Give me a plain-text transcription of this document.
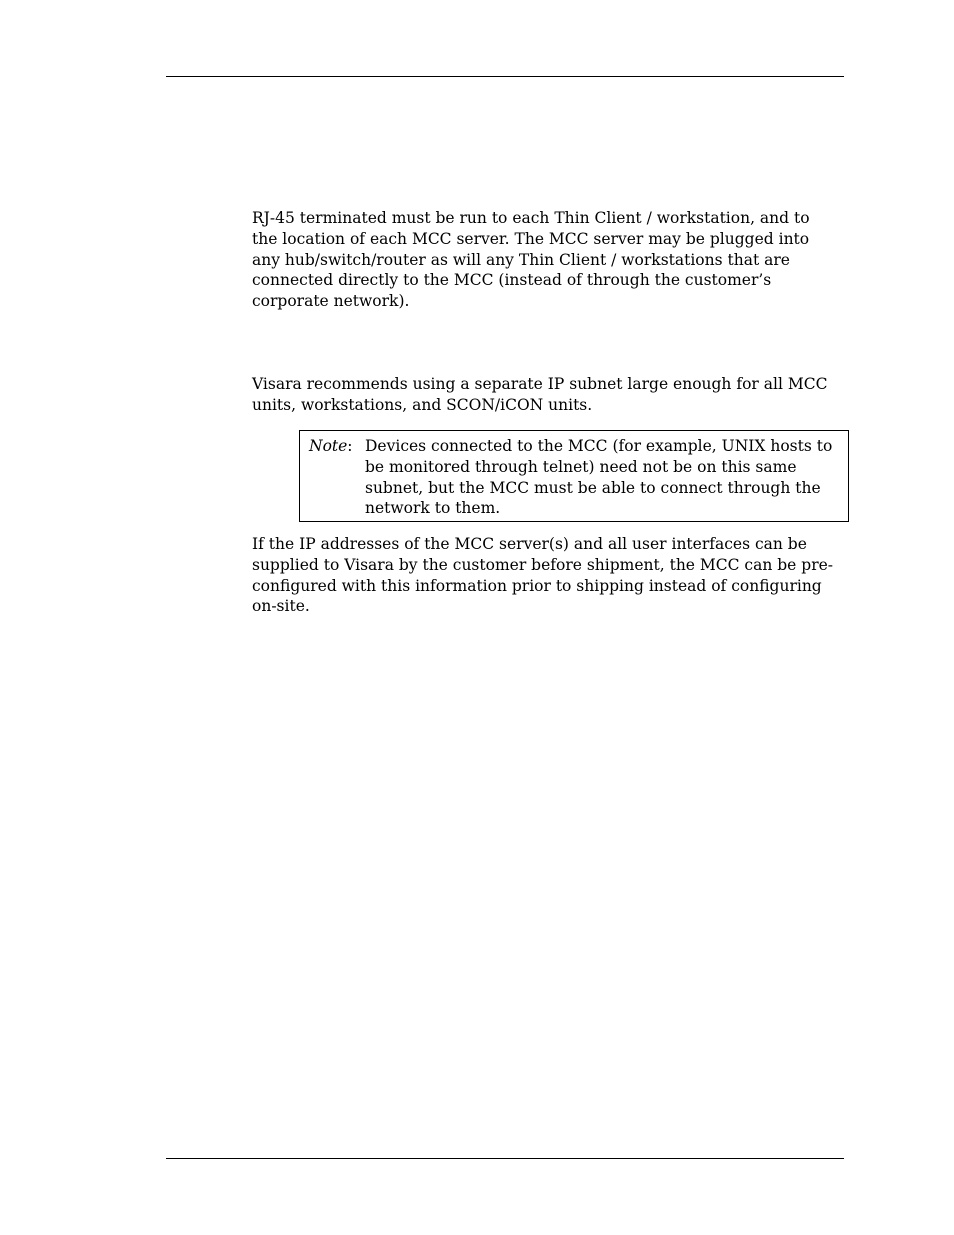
RJ-45 terminated must be run to each Thin Client / workstation, and to
the location of each MCC server. The MCC server may be plugged into
any hub/switch/router as will any Thin Client / workstations that are
connected directly to the MCC (instead of through the customer’s
corporate network).

Visara recommends using a separate IP subnet large enough for all MCC
units, workstations, and SCON/iCON units.

Note: Devices connected to the MCC (for example, UNIX hosts to
be monitored through telnet) need not be on this same
subnet, but the MCC must be able to connect through the
network to them.

If the IP addresses of the MCC server(s) and all user interfaces can be
supplied to Visara by the customer before shipment, the MCC can be pre-
configured with this information prior to shipping instead of configuring
on-site.
